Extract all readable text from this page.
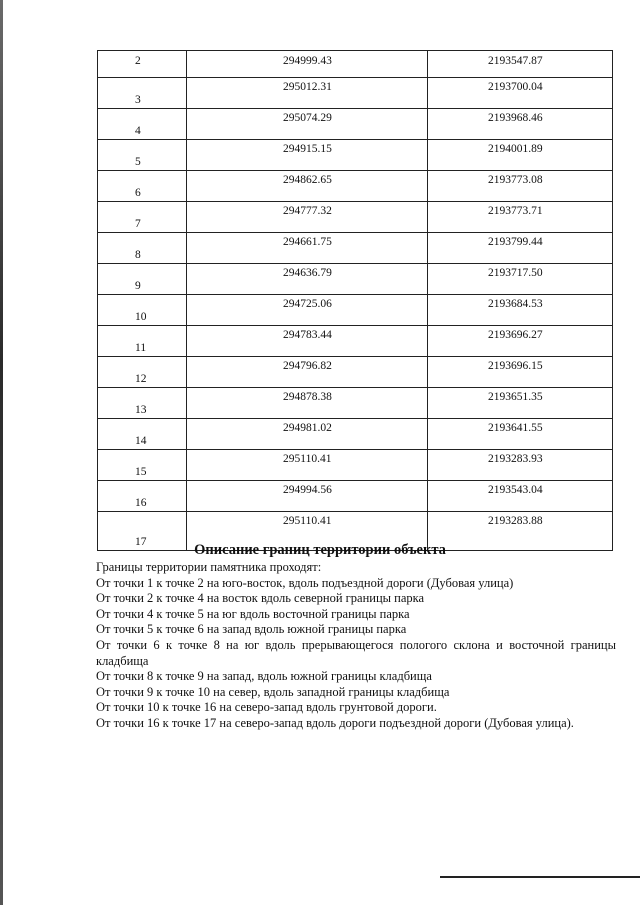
2	294999.43	2193547.87

3	295012.31	2193700.04

4	295074.29	2193968.46

5	294915.15	2194001.89

6	294862.65	2193773.08

7	294777.32	2193773.71

8	294661.75	2193799.44

9	294636.79	2193717.50

10	294725.06	2193684.53

11	294783.44	2193696.27

12	294796.82	2193696.15

13	294878.38	2193651.35

14	294981.02	2193641.55

15	295110.41	2193283.93

16	294994.56	2193543.04

17	295110.41	2193283.88
Описание границ территории объекта

Границы территории памятника проходят:

От точки 1 к точке 2 на юго-восток, вдоль подъездной дороги (Дубовая улица)

От точки 2 к точке 4 на восток вдоль северной границы парка

От точки 4 к точке 5 на юг вдоль восточной границы парка

От точки 5 к точке 6 на запад вдоль южной границы парка

От точки 6 к точке 8 на юг вдоль прерывающегося пологого склона и восточной границы кладбища

От точки 8 к точке 9 на запад, вдоль южной границы кладбища

От точки 9 к точке 10 на север, вдоль западной границы кладбища

От точки 10 к точке 16 на северо-запад вдоль грунтовой дороги.

От точки 16 к точке 17 на северо-запад вдоль дороги подъездной дороги (Дубовая улица).
